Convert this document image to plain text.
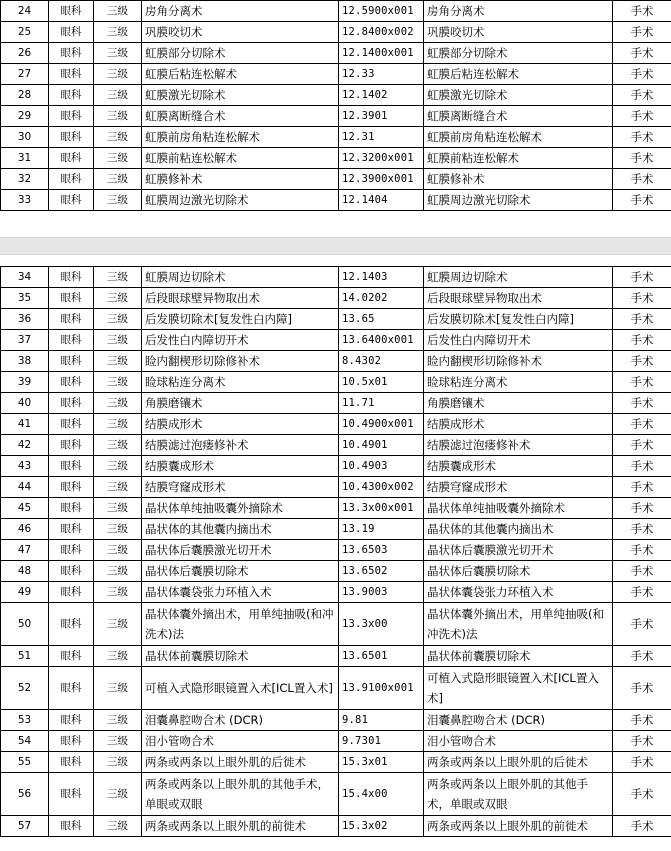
24	眼科	三级	房角分离术	12.5900x001	房角分离术	手术
25	眼科	三级	巩膜咬切术	12.8400x002	巩膜咬切术	手术
26	眼科	三级	虹膜部分切除术	12.1400x001	虹膜部分切除术	手术
27	眼科	三级	虹膜后粘连松解术	12.33	虹膜后粘连松解术	手术
28	眼科	三级	虹膜激光切除术	12.1402	虹膜激光切除术	手术
29	眼科	三级	虹膜离断缝合术	12.3901	虹膜离断缝合术	手术
30	眼科	三级	虹膜前房角粘连松解术	12.31	虹膜前房角粘连松解术	手术
31	眼科	三级	虹膜前粘连松解术	12.3200x001	虹膜前粘连松解术	手术
32	眼科	三级	虹膜修补术	12.3900x001	虹膜修补术	手术
33	眼科	三级	虹膜周边激光切除术	12.1404	虹膜周边激光切除术	手术
34	眼科	三级	虹膜周边切除术	12.1403	虹膜周边切除术	手术
35	眼科	三级	后段眼球壁异物取出术	14.0202	后段眼球壁异物取出术	手术
36	眼科	三级	后发膜切除术[复发性白内障]	13.65	后发膜切除术[复发性白内障]	手术
37	眼科	三级	后发性白内障切开术	13.6400x001	后发性白内障切开术	手术
38	眼科	三级	睑内翻楔形切除修补术	8.4302	睑内翻楔形切除修补术	手术
39	眼科	三级	睑球粘连分离术	10.5x01	睑球粘连分离术	手术
40	眼科	三级	角膜磨镶术	11.71	角膜磨镶术	手术
41	眼科	三级	结膜成形术	10.4900x001	结膜成形术	手术
42	眼科	三级	结膜滤过泡瘘修补术	10.4901	结膜滤过泡瘘修补术	手术
43	眼科	三级	结膜囊成形术	10.4903	结膜囊成形术	手术
44	眼科	三级	结膜穹窿成形术	10.4300x002	结膜穹窿成形术	手术
45	眼科	三级	晶状体单纯抽吸囊外摘除术	13.3x00x001	晶状体单纯抽吸囊外摘除术	手术
46	眼科	三级	晶状体的其他囊内摘出术	13.19	晶状体的其他囊内摘出术	手术
47	眼科	三级	晶状体后囊膜激光切开术	13.6503	晶状体后囊膜激光切开术	手术
48	眼科	三级	晶状体后囊膜切除术	13.6502	晶状体后囊膜切除术	手术
49	眼科	三级	晶状体囊袋张力环植入术	13.9003	晶状体囊袋张力环植入术	手术
50	眼科	三级	晶状体囊外摘出术，用单纯抽吸(和冲洗术)法	13.3x00	晶状体囊外摘出术，用单纯抽吸(和冲洗术)法	手术
51	眼科	三级	晶状体前囊膜切除术	13.6501	晶状体前囊膜切除术	手术
52	眼科	三级	可植入式隐形眼镜置入术[ICL置入术]	13.9100x001	可植入式隐形眼镜置入术[ICL置入术]	手术
53	眼科	三级	泪囊鼻腔吻合术 (DCR)	9.81	泪囊鼻腔吻合术 (DCR)	手术
54	眼科	三级	泪小管吻合术	9.7301	泪小管吻合术	手术
55	眼科	三级	两条或两条以上眼外肌的后徙术	15.3x01	两条或两条以上眼外肌的后徙术	手术
56	眼科	三级	两条或两条以上眼外肌的其他手术，单眼或双眼	15.4x00	两条或两条以上眼外肌的其他手术，单眼或双眼	手术
57	眼科	三级	两条或两条以上眼外肌的前徙术	15.3x02	两条或两条以上眼外肌的前徙术	手术
